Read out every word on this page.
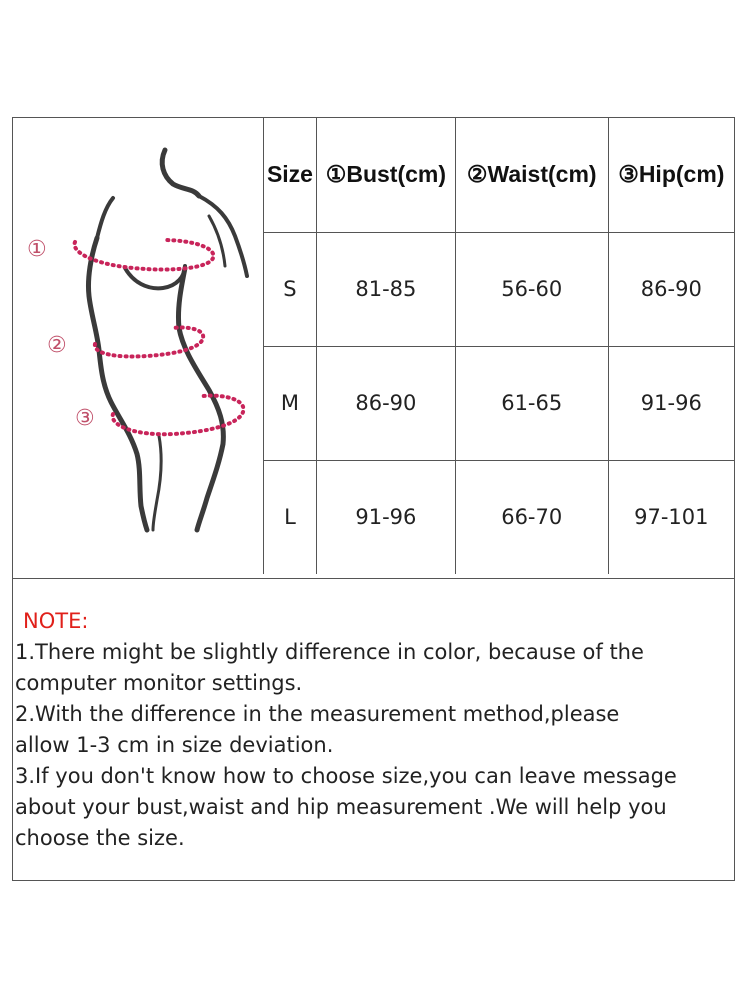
①
②
③
Size	①Bust(cm)	②Waist(cm)	③Hip(cm)
S	81-85	56-60	86-90
M	86-90	61-65	91-96
L	91-96	66-70	97-101
NOTE:

1.There might be slightly difference in color, because of the

computer monitor settings.

2.With the difference in the measurement method,please

allow 1-3 cm in size deviation.

3.If you don't know how to choose size,you can leave message

about your bust,waist and hip measurement .We will help you

choose the size.
